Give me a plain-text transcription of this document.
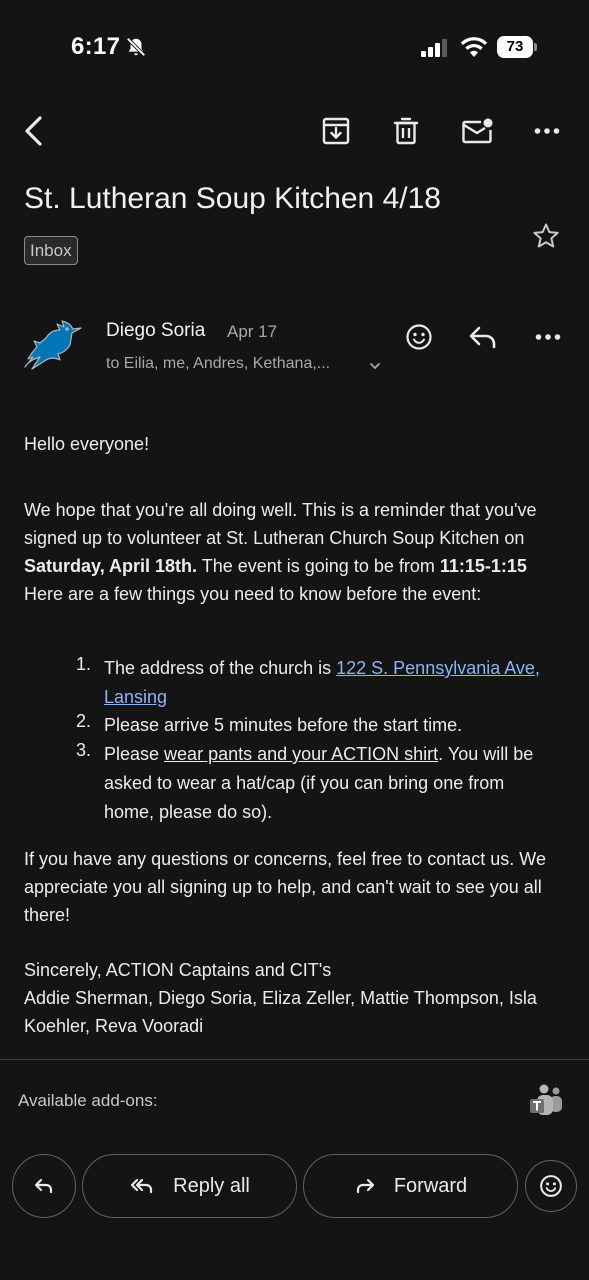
6:17	73
St. Lutheran Soup Kitchen 4/18
Inbox
Diego Soria Apr 17
to Eilia, me, Andres, Kethana,...
Hello everyone!
We hope that you're all doing well. This is a reminder that you've signed up to volunteer at St. Lutheran Church Soup Kitchen on Saturday, April 18th. The event is going to be from 11:15-1:15
Here are a few things you need to know before the event:
1. The address of the church is 122 S. Pennsylvania Ave, Lansing
2. Please arrive 5 minutes before the start time.
3. Please wear pants and your ACTION shirt. You will be asked to wear a hat/cap (if you can bring one from home, please do so).
If you have any questions or concerns, feel free to contact us. We appreciate you all signing up to help, and can't wait to see you all there!
Sincerely, ACTION Captains and CIT's
Addie Sherman, Diego Soria, Eliza Zeller, Mattie Thompson, Isla Koehler, Reva Vooradi
Available add-ons:
Reply all	Forward
